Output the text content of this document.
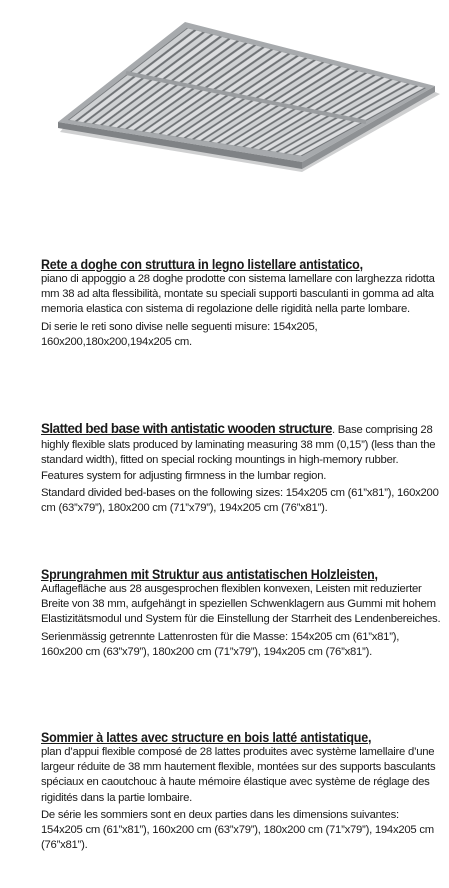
Rete a doghe con struttura in legno listellare antistatico,

piano di appoggio a 28 doghe prodotte con sistema lamellare con larghezza ridotta mm 38 ad alta flessibilità, montate su speciali supporti basculanti in gomma ad alta memoria elastica con sistema di regolazione delle rigidità nella parte lombare.

Di serie le reti sono divise nelle seguenti misure: 154x205, 160x200,180x200,194x205 cm.

Slatted bed base with antistatic wooden structure. Base comprising 28 highly flexible slats produced by laminating measuring 38 mm (0,15”) (less than the standard width), fitted on special rocking mountings in high-memory rubber. Features system for adjusting firmness in the lumbar region.

Standard divided bed-bases on the following sizes: 154x205 cm (61”x81”), 160x200 cm (63”x79”), 180x200 cm (71”x79”), 194x205 cm (76”x81”).

Sprungrahmen mit Struktur aus antistatischen Holzleisten,

Auflagefläche aus 28 ausgesprochen flexiblen konvexen, Leisten mit reduzierter Breite von 38 mm, aufgehängt in speziellen Schwenklagern aus Gummi mit hohem Elastizitätsmodul und System für die Einstellung der Starrheit des Lendenbereiches.

Serienmässig getrennte Lattenrosten für die Masse: 154x205 cm (61”x81”), 160x200 cm (63”x79”), 180x200 cm (71”x79”), 194x205 cm (76”x81”).

Sommier à lattes avec structure en bois latté antistatique,

plan d’appui flexible composé de 28 lattes produites avec système lamellaire d’une largeur réduite de 38 mm hautement flexible, montées sur des supports basculants spéciaux en caoutchouc à haute mémoire élastique avec système de réglage des rigidités dans la partie lombaire.

De série les sommiers sont en deux parties dans les dimensions suivantes: 154x205 cm (61”x81”), 160x200 cm (63”x79”), 180x200 cm (71”x79”), 194x205 cm (76”x81”).
